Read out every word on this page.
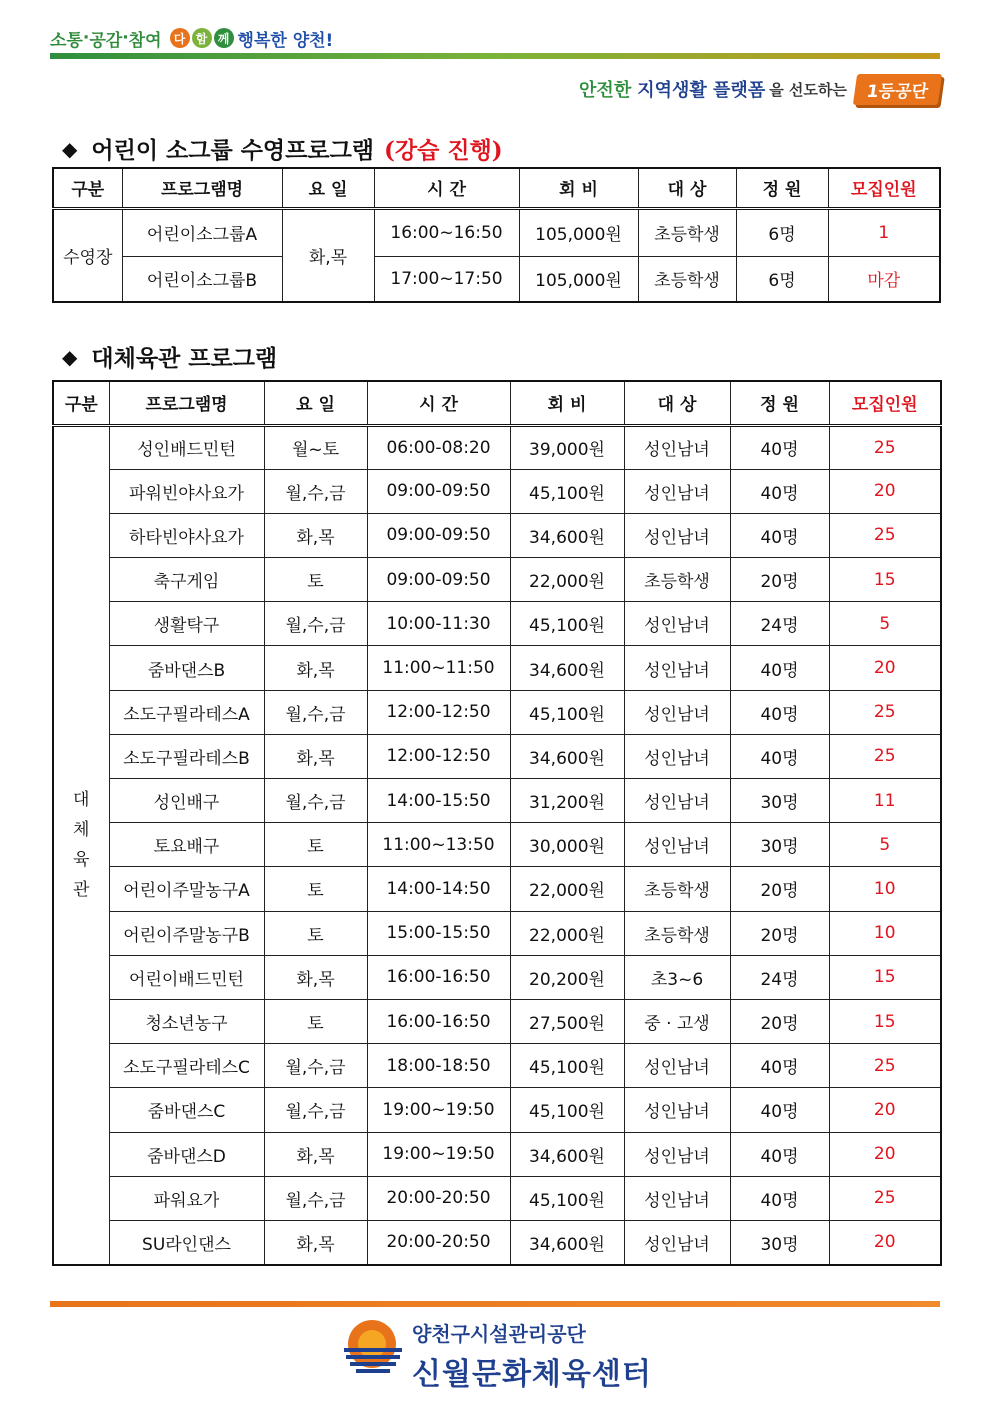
소통 · 공감 · 참여	다 함 께 행복한 양천!
안전한 지역생활 플랫폼 을 선도하는	1등공단
◆ 어린이 소그룹 수영프로그램 (강습 진행)
구분	프로그램명	요 일	시 간	회 비	대 상	정 원	모집인원
수영장	어린이소그룹A	화,목	16:00~16:50	105,000원	초등학생	6명	1
	어린이소그룹B		17:00~17:50	105,000원	초등학생	6명	마감
◆ 대체육관 프로그램
구분	프로그램명	요 일	시 간	회 비	대 상	정 원	모집인원

대
체
육
관	성인배드민턴	월~토	06:00-08:20	39,000원	성인남녀	40명	25
	파워빈야사요가	월,수,금	09:00-09:50	45,100원	성인남녀	40명	20
	하타빈야사요가	화,목	09:00-09:50	34,600원	성인남녀	40명	25
	축구게임	토	09:00-09:50	22,000원	초등학생	20명	15
	생활탁구	월,수,금	10:00-11:30	45,100원	성인남녀	24명	5
	줌바댄스B	화,목	11:00~11:50	34,600원	성인남녀	40명	20
	소도구필라테스A	월,수,금	12:00-12:50	45,100원	성인남녀	40명	25
	소도구필라테스B	화,목	12:00-12:50	34,600원	성인남녀	40명	25
	성인배구	월,수,금	14:00-15:50	31,200원	성인남녀	30명	11
	토요배구	토	11:00~13:50	30,000원	성인남녀	30명	5
	어린이주말농구A	토	14:00-14:50	22,000원	초등학생	20명	10
	어린이주말농구B	토	15:00-15:50	22,000원	초등학생	20명	10
	어린이배드민턴	화,목	16:00-16:50	20,200원	초3~6	24명	15
	청소년농구	토	16:00-16:50	27,500원	중 · 고생	20명	15
	소도구필라테스C	월,수,금	18:00-18:50	45,100원	성인남녀	40명	25
	줌바댄스C	월,수,금	19:00~19:50	45,100원	성인남녀	40명	20
	줌바댄스D	화,목	19:00~19:50	34,600원	성인남녀	40명	20
	파워요가	월,수,금	20:00-20:50	45,100원	성인남녀	40명	25
	SU라인댄스	화,목	20:00-20:50	34,600원	성인남녀	30명	20
양천구시설관리공단
신월문화체육센터
